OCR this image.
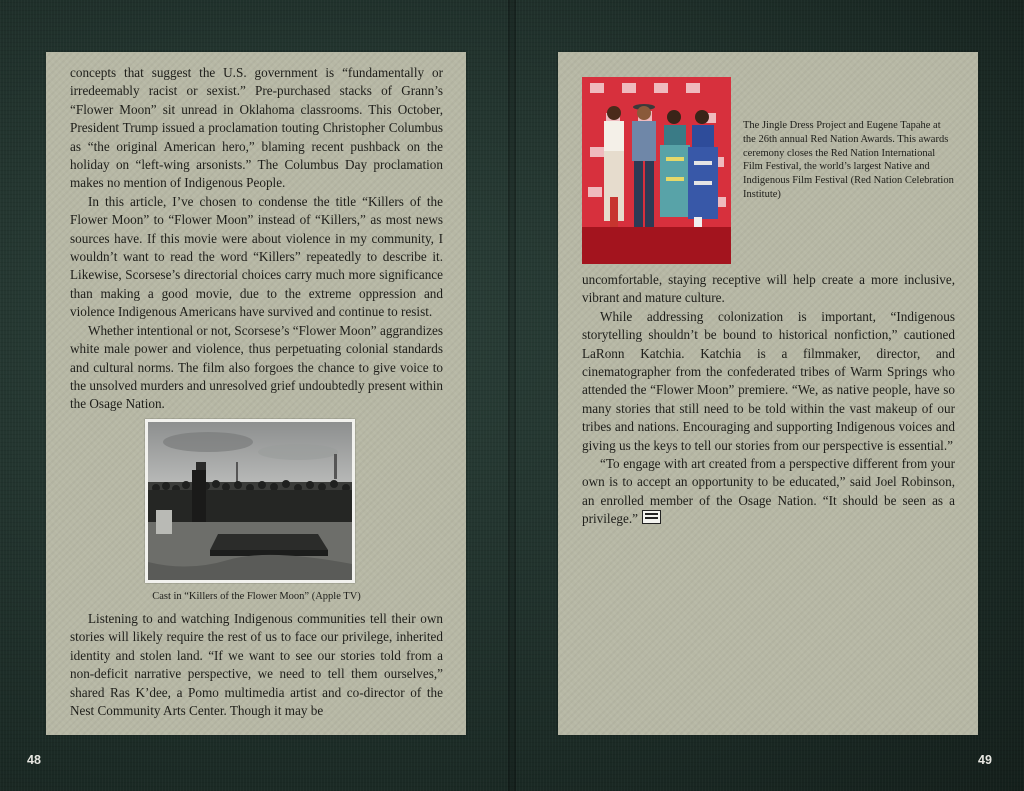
concepts that suggest the U.S. government is “fundamentally or irredeemably racist or sexist.” Pre-purchased stacks of Grann’s “Flower Moon” sit unread in Oklahoma classrooms. This October, President Trump issued a proclamation touting Christopher Columbus as “the original American hero,” blaming recent pushback on the holiday on “left-wing arsonists.” The Columbus Day proclamation makes no mention of Indigenous People.

In this article, I’ve chosen to condense the title “Killers of the Flower Moon” to “Flower Moon” instead of “Killers,” as most news sources have. If this movie were about violence in my community, I wouldn’t want to read the word “Killers” repeatedly to describe it. Likewise, Scorsese’s directorial choices carry much more significance than making a good movie, due to the extreme oppression and violence Indigenous Americans have survived and continue to resist.

Whether intentional or not, Scorsese’s “Flower Moon” aggrandizes white male power and violence, thus perpetuating colonial standards and cultural norms. The film also forgoes the chance to give voice to the unsolved murders and unresolved grief undoubtedly present within the Osage Nation.

Cast in “Killers of the Flower Moon” (Apple TV)

Listening to and watching Indigenous communities tell their own stories will likely require the rest of us to face our privilege, inherited identity and stolen land. “If we want to see our stories told from a non-deficit narrative perspective, we need to tell them ourselves,” shared Ras K’dee, a Pomo multimedia artist and co-director of the Nest Community Arts Center. Though it may be

48
The Jingle Dress Project and Eugene Tapahe at the 26th annual Red Nation Awards. This awards ceremony closes the Red Nation International Film Festival, the world’s largest Native and Indigenous Film Festival (Red Nation Celebration Institute)

uncomfortable, staying receptive will help create a more inclusive, vibrant and mature culture.

While addressing colonization is important, “Indigenous storytelling shouldn’t be bound to historical nonfiction,” cautioned LaRonn Katchia. Katchia is a filmmaker, director, and cinematographer from the confederated tribes of Warm Springs who attended the “Flower Moon” premiere. “We, as native people, have so many stories that still need to be told within the vast makeup of our tribes and nations. Encouraging and supporting Indigenous voices and giving us the keys to tell our stories from our perspective is essential.”

“To engage with art created from a perspective different from your own is to accept an opportunity to be educated,” said Joel Robinson, an enrolled member of the Osage Nation. “It should be seen as a privilege.”

49
